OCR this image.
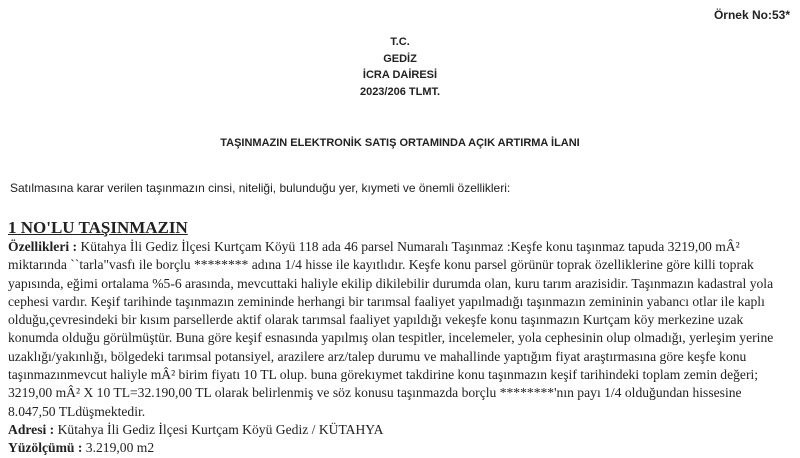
Örnek No:53*
T.C.
GEDİZ
İCRA DAİRESİ
2023/206 TLMT.
TAŞINMAZIN ELEKTRONİK SATIŞ ORTAMINDA AÇIK ARTIRMA İLANI
Satılmasına karar verilen taşınmazın cinsi, niteliği, bulunduğu yer, kıymeti ve önemli özellikleri:
1 NO'LU TAŞINMAZIN
Özellikleri : Kütahya İli Gediz İlçesi Kurtçam Köyü 118 ada 46 parsel Numaralı Taşınmaz :Keşfe konu taşınmaz tapuda 3219,00 mÂ² miktarında ``tarla"vasfı ile borçlu ******** adına 1/4 hisse ile kayıtlıdır. Keşfe konu parsel görünür toprak özelliklerine göre killi toprak yapısında, eğimi ortalama %5-6 arasında, mevcuttaki haliyle ekilip dikilebilir durumda olan, kuru tarım arazisidir. Taşınmazın kadastral yola cephesi vardır. Keşif tarihinde taşınmazın zemininde herhangi bir tarımsal faaliyet yapılmadığı taşınmazın zemininin yabancı otlar ile kaplı olduğu,çevresindeki bir kısım parsellerde aktif olarak tarımsal faaliyet yapıldığı vekeşfe konu taşınmazın Kurtçam köy merkezine uzak konumda olduğu görülmüştür. Buna göre keşif esnasında yapılmış olan tespitler, incelemeler, yola cephesinin olup olmadığı, yerleşim yerine uzaklığı/yakınlığı, bölgedeki tarımsal potansiyel, arazilere arz/talep durumu ve mahallinde yaptığım fiyat araştırmasına göre keşfe konu taşınmazınmevcut haliyle mÂ² birim fiyatı 10 TL olup. buna görekıymet takdirine konu taşınmazın keşif tarihindeki toplam zemin değeri; 3219,00 mÂ² X 10 TL=32.190,00 TL olarak belirlenmiş ve söz konusu taşınmazda borçlu ********'nın payı 1/4 olduğundan hissesine 8.047,50 TLdüşmektedir.
Adresi : Kütahya İli Gediz İlçesi Kurtçam Köyü Gediz / KÜTAHYA
Yüzölçümü : 3.219,00 m2
